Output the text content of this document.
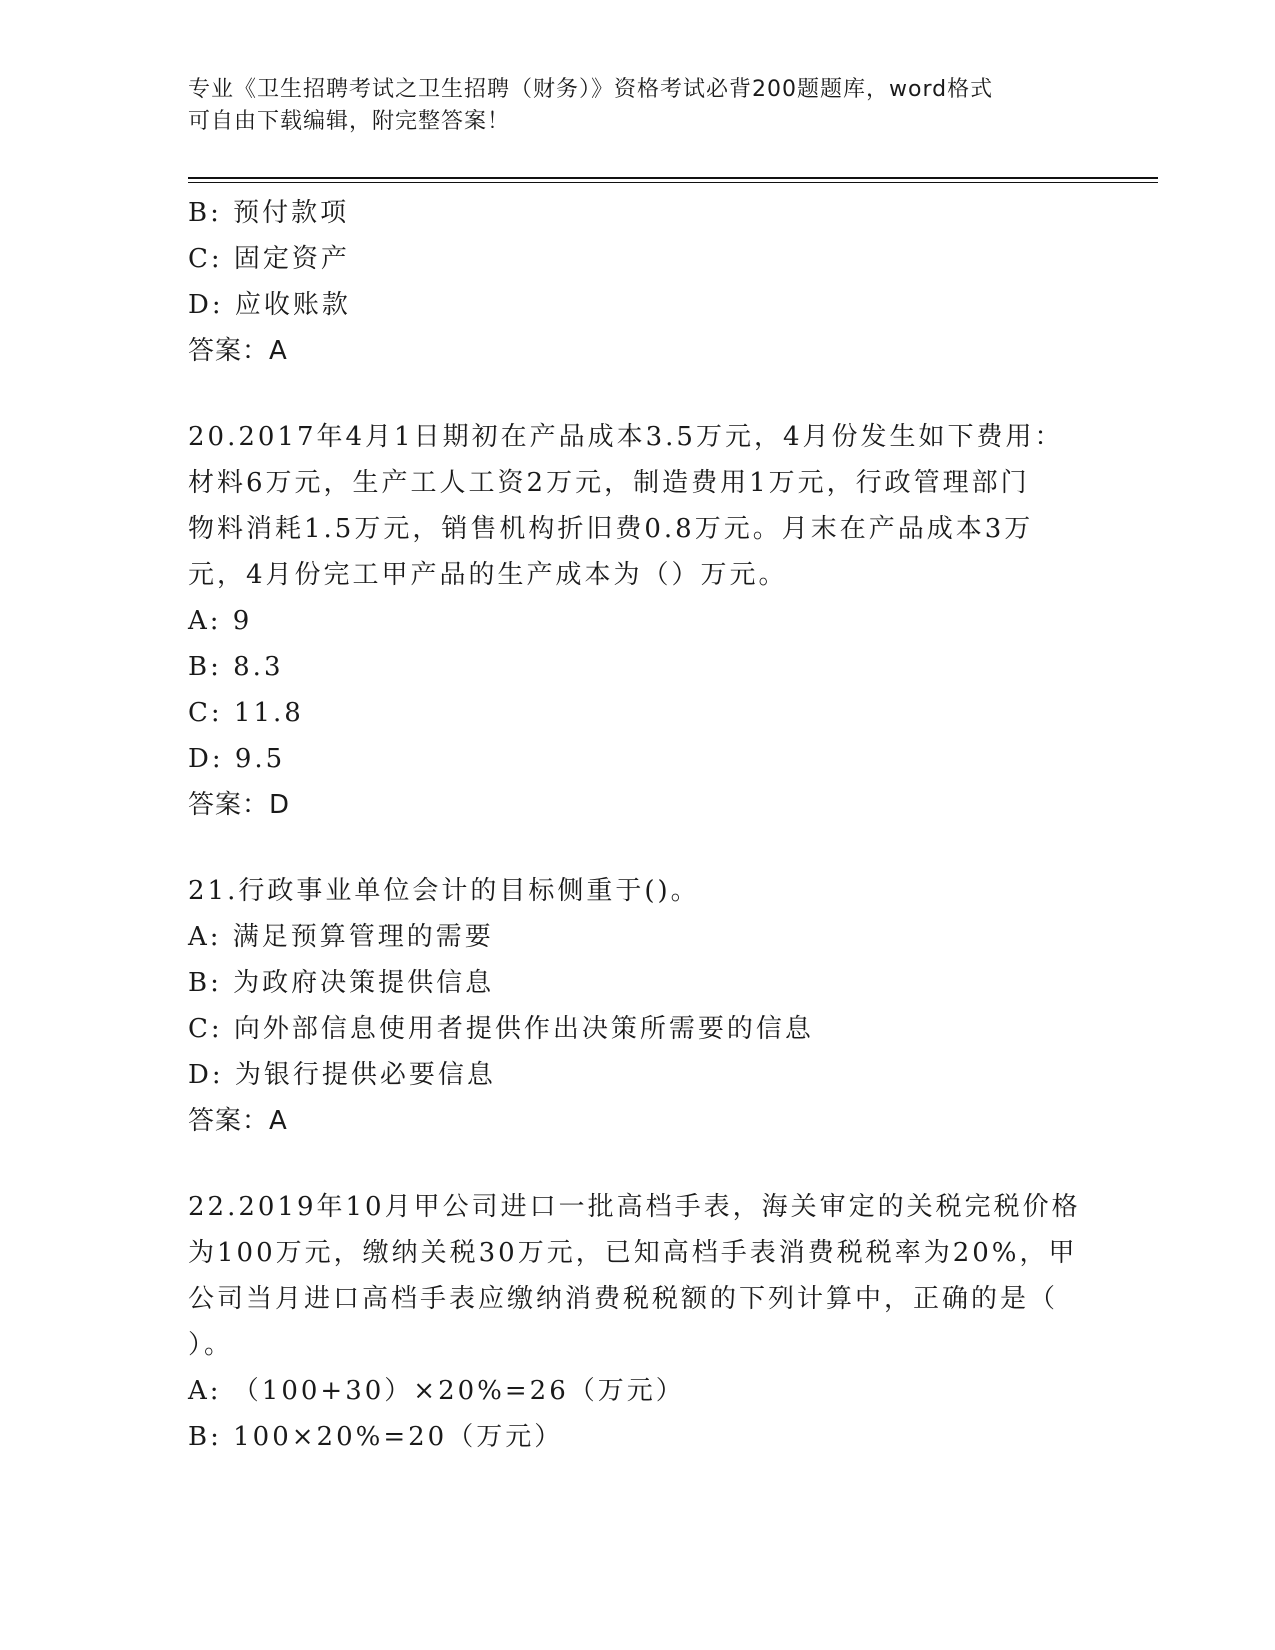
专业《卫生招聘考试之卫生招聘（财务）》资格考试必背200题题库，word格式
可自由下载编辑，附完整答案！
B: 预付款项
C: 固定资产
D: 应收账款
答案：A
20.2017年4月1日期初在产品成本3.5万元，4月份发生如下费用：
材料6万元，生产工人工资2万元，制造费用1万元，行政管理部门
物料消耗1.5万元，销售机构折旧费0.8万元。月末在产品成本3万
元，4月份完工甲产品的生产成本为（）万元。
A: 9
B: 8.3
C: 11.8
D: 9.5
答案：D
21.行政事业单位会计的目标侧重于()。
A: 满足预算管理的需要
B: 为政府决策提供信息
C: 向外部信息使用者提供作出决策所需要的信息
D: 为银行提供必要信息
答案：A
22.2019年10月甲公司进口一批高档手表，海关审定的关税完税价格
为100万元，缴纳关税30万元，已知高档手表消费税税率为20%，甲
公司当月进口高档手表应缴纳消费税税额的下列计算中，正确的是（
）。
A: （100+30）×20%=26（万元）
B: 100×20%=20（万元）
